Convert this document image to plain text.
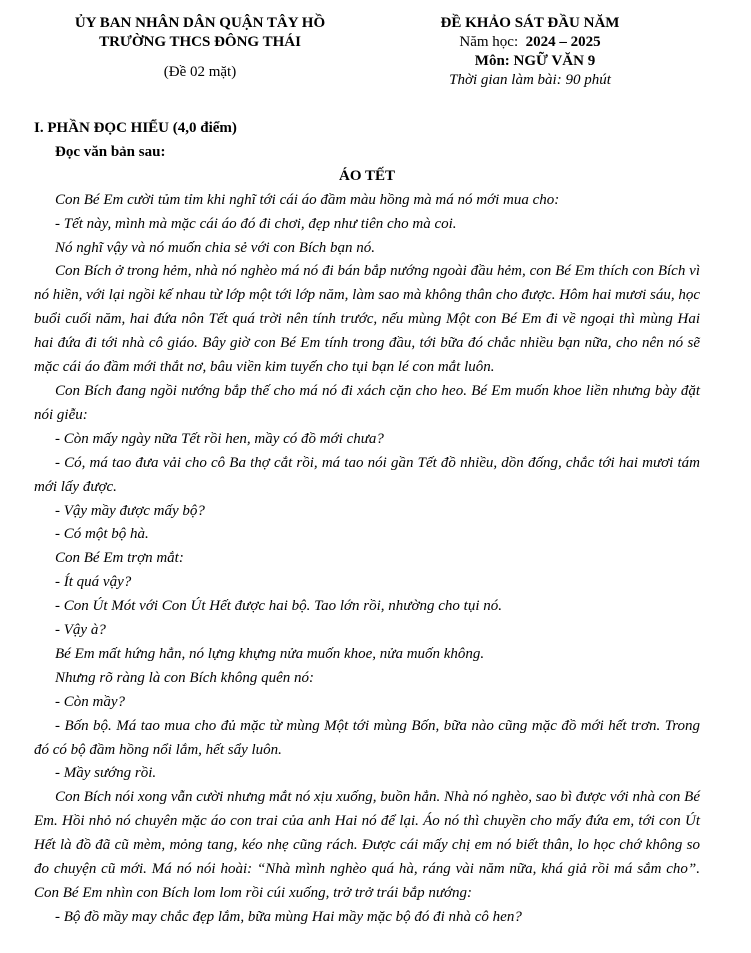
ỦY BAN NHÂN DÂN QUẬN TÂY HỒ
TRƯỜNG THCS ĐÔNG THÁI
(Đề 02 mặt)
ĐỀ KHẢO SÁT ĐẦU NĂM
Năm học: 2024 – 2025
Môn: NGỮ VĂN 9
Thời gian làm bài: 90 phút

I. PHẦN ĐỌC HIỂU (4,0 điểm)

Đọc văn bản sau:

ÁO TẾT

Con Bé Em cười tủm tỉm khi nghĩ tới cái áo đầm màu hồng mà má nó mới mua cho:

- Tết này, mình mà mặc cái áo đó đi chơi, đẹp như tiên cho mà coi.

Nó nghĩ vậy và nó muốn chia sẻ với con Bích bạn nó.

Con Bích ở trong hẻm, nhà nó nghèo má nó đi bán bắp nướng ngoài đầu hẻm, con Bé Em thích con Bích vì nó hiền, với lại ngồi kế nhau từ lớp một tới lớp năm, làm sao mà không thân cho được. Hôm hai mươi sáu, học buổi cuối năm, hai đứa nôn Tết quá trời nên tính trước, nếu mùng Một con Bé Em đi về ngoại thì mùng Hai hai đứa đi tới nhà cô giáo. Bây giờ con Bé Em tính trong đầu, tới bữa đó chắc nhiều bạn nữa, cho nên nó sẽ mặc cái áo đầm mới thắt nơ, bâu viền kim tuyến cho tụi bạn lé con mắt luôn.

Con Bích đang ngồi nướng bắp thế cho má nó đi xách cặn cho heo. Bé Em muốn khoe liền nhưng bày đặt nói giễu:

- Còn mấy ngày nữa Tết rồi hen, mầy có đồ mới chưa?

- Có, má tao đưa vải cho cô Ba thợ cắt rồi, má tao nói gần Tết đồ nhiều, dồn đống, chắc tới hai mươi tám mới lấy được.

- Vậy mầy được mấy bộ?

- Có một bộ hà.

Con Bé Em trợn mắt:

- Ít quá vậy?

- Con Út Mót với Con Út Hết được hai bộ. Tao lớn rồi, nhường cho tụi nó.

- Vậy à?

Bé Em mất hứng hẳn, nó lựng khựng nửa muốn khoe, nửa muốn không.

Nhưng rõ ràng là con Bích không quên nó:

- Còn mầy?

- Bốn bộ. Má tao mua cho đủ mặc từ mùng Một tới mùng Bốn, bữa nào cũng mặc đồ mới hết trơn. Trong đó có bộ đầm hồng nổi lắm, hết sẩy luôn.

- Mầy sướng rồi.

Con Bích nói xong vẫn cười nhưng mắt nó xịu xuống, buồn hẳn. Nhà nó nghèo, sao bì được với nhà con Bé Em. Hồi nhỏ nó chuyên mặc áo con trai của anh Hai nó để lại. Áo nó thì chuyền cho mấy đứa em, tới con Út Hết là đồ đã cũ mèm, mỏng tang, kéo nhẹ cũng rách. Được cái mấy chị em nó biết thân, lo học chớ không so đo chuyện cũ mới. Má nó nói hoài: “Nhà mình nghèo quá hà, ráng vài năm nữa, khá giả rồi má sắm cho”. Con Bé Em nhìn con Bích lom lom rồi cúi xuống, trở trở trái bắp nướng:

- Bộ đồ mầy may chắc đẹp lắm, bữa mùng Hai mầy mặc bộ đó đi nhà cô hen?
